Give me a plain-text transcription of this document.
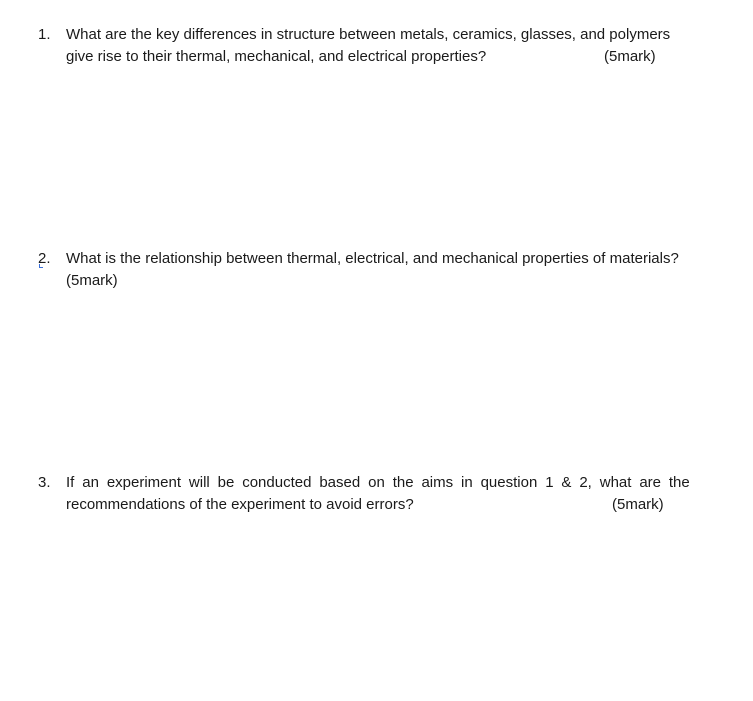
1.	What are the key differences in structure between metals, ceramics, glasses, and polymers
give rise to their thermal, mechanical, and electrical properties?	(5mark)
2.	What is the relationship between thermal, electrical, and mechanical properties of materials?
(5mark)
3.	If an experiment will be conducted based on the aims in question 1 & 2, what are the
recommendations of the experiment to avoid errors?	(5mark)
